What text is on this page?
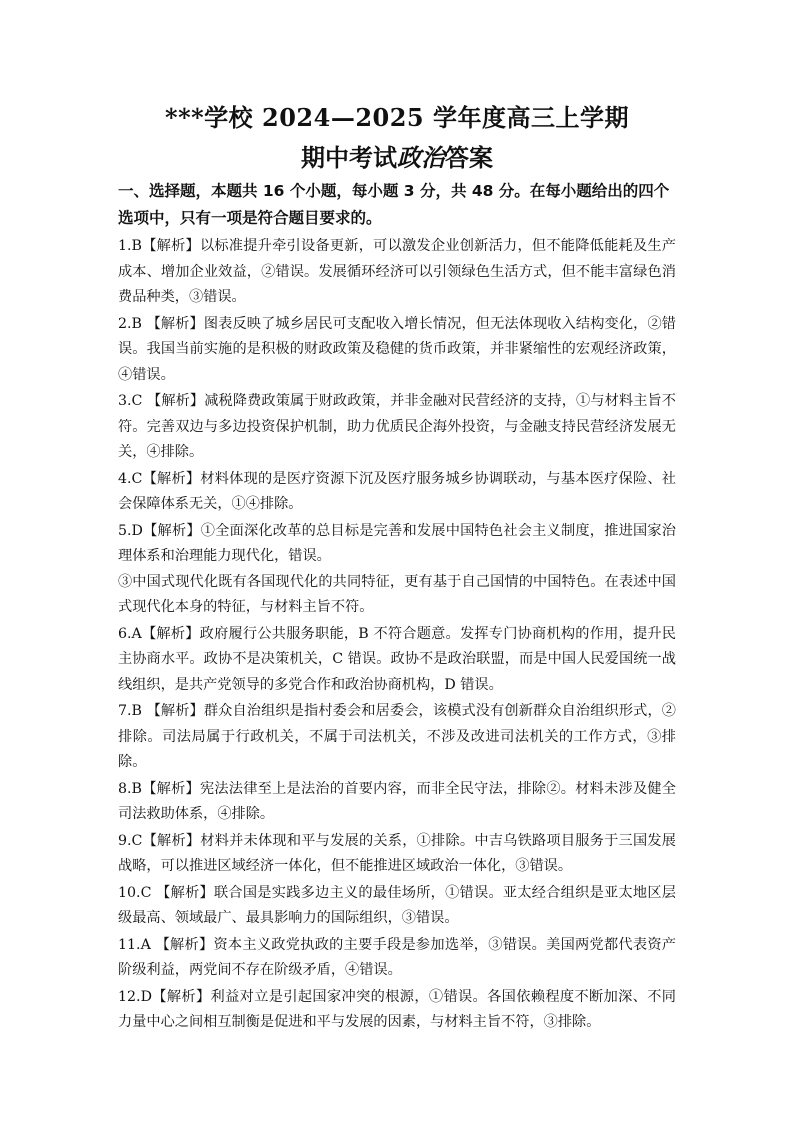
***学校 2024—2025 学年度高三上学期
期中考试政治答案

一、选择题，本题共 16 个小题，每小题 3 分，共 48 分。在每小题给出的四个选项中，只有一项是符合题目要求的。

1.B【解析】以标准提升牵引设备更新，可以激发企业创新活力，但不能降低能耗及生产成本、增加企业效益，②错误。发展循环经济可以引领绿色生活方式，但不能丰富绿色消费品种类，③错误。
2.B 【解析】图表反映了城乡居民可支配收入增长情况，但无法体现收入结构变化，②错误。我国当前实施的是积极的财政政策及稳健的货币政策，并非紧缩性的宏观经济政策，④错误。
3.C 【解析】减税降费政策属于财政政策，并非金融对民营经济的支持，①与材料主旨不符。完善双边与多边投资保护机制，助力优质民企海外投资，与金融支持民营经济发展无关，④排除。
4.C【解析】材料体现的是医疗资源下沉及医疗服务城乡协调联动，与基本医疗保险、社会保障体系无关，①④排除。
5.D【解析】①全面深化改革的总目标是完善和发展中国特色社会主义制度，推进国家治理体系和治理能力现代化，错误。
③中国式现代化既有各国现代化的共同特征，更有基于自己国情的中国特色。在表述中国式现代化本身的特征，与材料主旨不符。
6.A【解析】政府履行公共服务职能，B 不符合题意。发挥专门协商机构的作用，提升民主协商水平。政协不是决策机关，C 错误。政协不是政治联盟，而是中国人民爱国统一战线组织，是共产党领导的多党合作和政治协商机构，D 错误。
7.B 【解析】群众自治组织是指村委会和居委会，该模式没有创新群众自治组织形式，②排除。司法局属于行政机关，不属于司法机关，不涉及改进司法机关的工作方式，③排除。
8.B【解析】宪法法律至上是法治的首要内容，而非全民守法，排除②。材料未涉及健全司法救助体系，④排除。
9.C【解析】材料并未体现和平与发展的关系，①排除。中吉乌铁路项目服务于三国发展战略，可以推进区域经济一体化，但不能推进区域政治一体化，③错误。
10.C 【解析】联合国是实践多边主义的最佳场所，①错误。亚太经合组织是亚太地区层级最高、领域最广、最具影响力的国际组织，③错误。
11.A 【解析】资本主义政党执政的主要手段是参加选举，③错误。美国两党都代表资产阶级利益，两党间不存在阶级矛盾，④错误。
12.D【解析】利益对立是引起国家冲突的根源，①错误。各国依赖程度不断加深、不同力量中心之间相互制衡是促进和平与发展的因素，与材料主旨不符，③排除。
